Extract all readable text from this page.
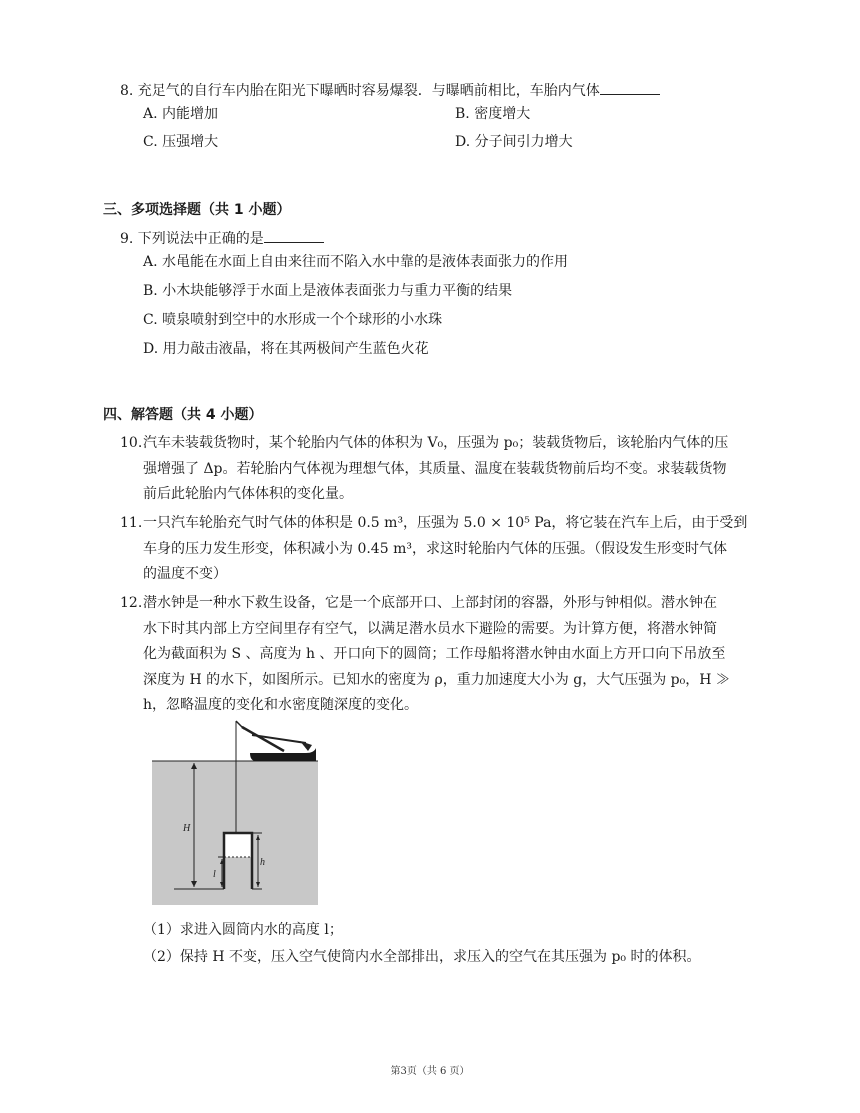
8. 充足气的自行车内胎在阳光下曝晒时容易爆裂．与曝晒前相比，车胎内气体
A. 内能增加	B. 密度增大
C. 压强增大	D. 分子间引力增大
三、多项选择题（共 1 小题）
9. 下列说法中正确的是
A. 水黾能在水面上自由来往而不陷入水中靠的是液体表面张力的作用
B. 小木块能够浮于水面上是液体表面张力与重力平衡的结果
C. 喷泉喷射到空中的水形成一个个球形的小水珠
D. 用力敲击液晶，将在其两极间产生蓝色火花
四、解答题（共 4 小题）
10. 汽车未装载货物时，某个轮胎内气体的体积为 V₀，压强为 p₀；装载货物后，该轮胎内气体的压
强增强了 Δp。若轮胎内气体视为理想气体，其质量、温度在装载货物前后均不变。求装载货物
前后此轮胎内气体体积的变化量。
11. 一只汽车轮胎充气时气体的体积是 0.5 m³，压强为 5.0 × 10⁵ Pa，将它装在汽车上后，由于受到
车身的压力发生形变，体积减小为 0.45 m³，求这时轮胎内气体的压强。（假设发生形变时气体
的温度不变）
12. 潜水钟是一种水下救生设备，它是一个底部开口、上部封闭的容器，外形与钟相似。潜水钟在
水下时其内部上方空间里存有空气，以满足潜水员水下避险的需要。为计算方便，将潜水钟简
化为截面积为 S 、高度为 h 、开口向下的圆筒；工作母船将潜水钟由水面上方开口向下吊放至
深度为 H 的水下，如图所示。已知水的密度为 ρ，重力加速度大小为 g，大气压强为 p₀，H ≫
h，忽略温度的变化和水密度随深度的变化。
H
l
h
（1）求进入圆筒内水的高度 l；
（2）保持 H 不变，压入空气使筒内水全部排出，求压入的空气在其压强为 p₀ 时的体积。
第3页（共 6 页）
